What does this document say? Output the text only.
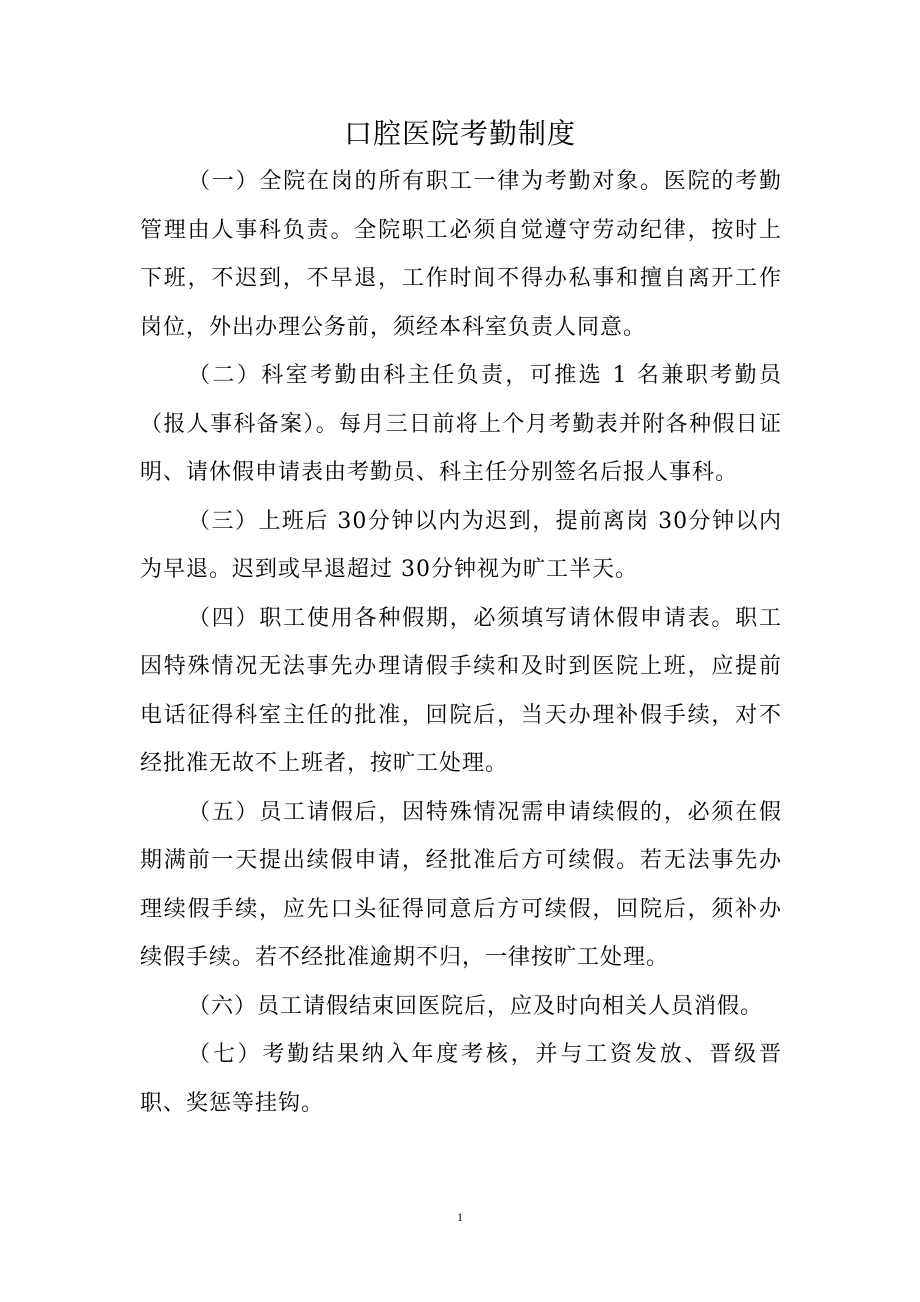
口腔医院考勤制度

（一）全院在岗的所有职工一律为考勤对象。医院的考勤管理由人事科负责。全院职工必须自觉遵守劳动纪律，按时上下班，不迟到，不早退，工作时间不得办私事和擅自离开工作岗位，外出办理公务前，须经本科室负责人同意。

（二）科室考勤由科主任负责，可推选 1 名兼职考勤员（报人事科备案）。每月三日前将上个月考勤表并附各种假日证明、请休假申请表由考勤员、科主任分别签名后报人事科。

（三）上班后 30分钟以内为迟到，提前离岗 30分钟以内为早退。迟到或早退超过 30分钟视为旷工半天。

（四）职工使用各种假期，必须填写请休假申请表。职工因特殊情况无法事先办理请假手续和及时到医院上班，应提前电话征得科室主任的批准，回院后，当天办理补假手续，对不经批准无故不上班者，按旷工处理。

（五）员工请假后，因特殊情况需申请续假的，必须在假期满前一天提出续假申请，经批准后方可续假。若无法事先办理续假手续，应先口头征得同意后方可续假，回院后，须补办续假手续。若不经批准逾期不归，一律按旷工处理。

（六）员工请假结束回医院后，应及时向相关人员消假。

（七）考勤结果纳入年度考核，并与工资发放、晋级晋职、奖惩等挂钩。

1
